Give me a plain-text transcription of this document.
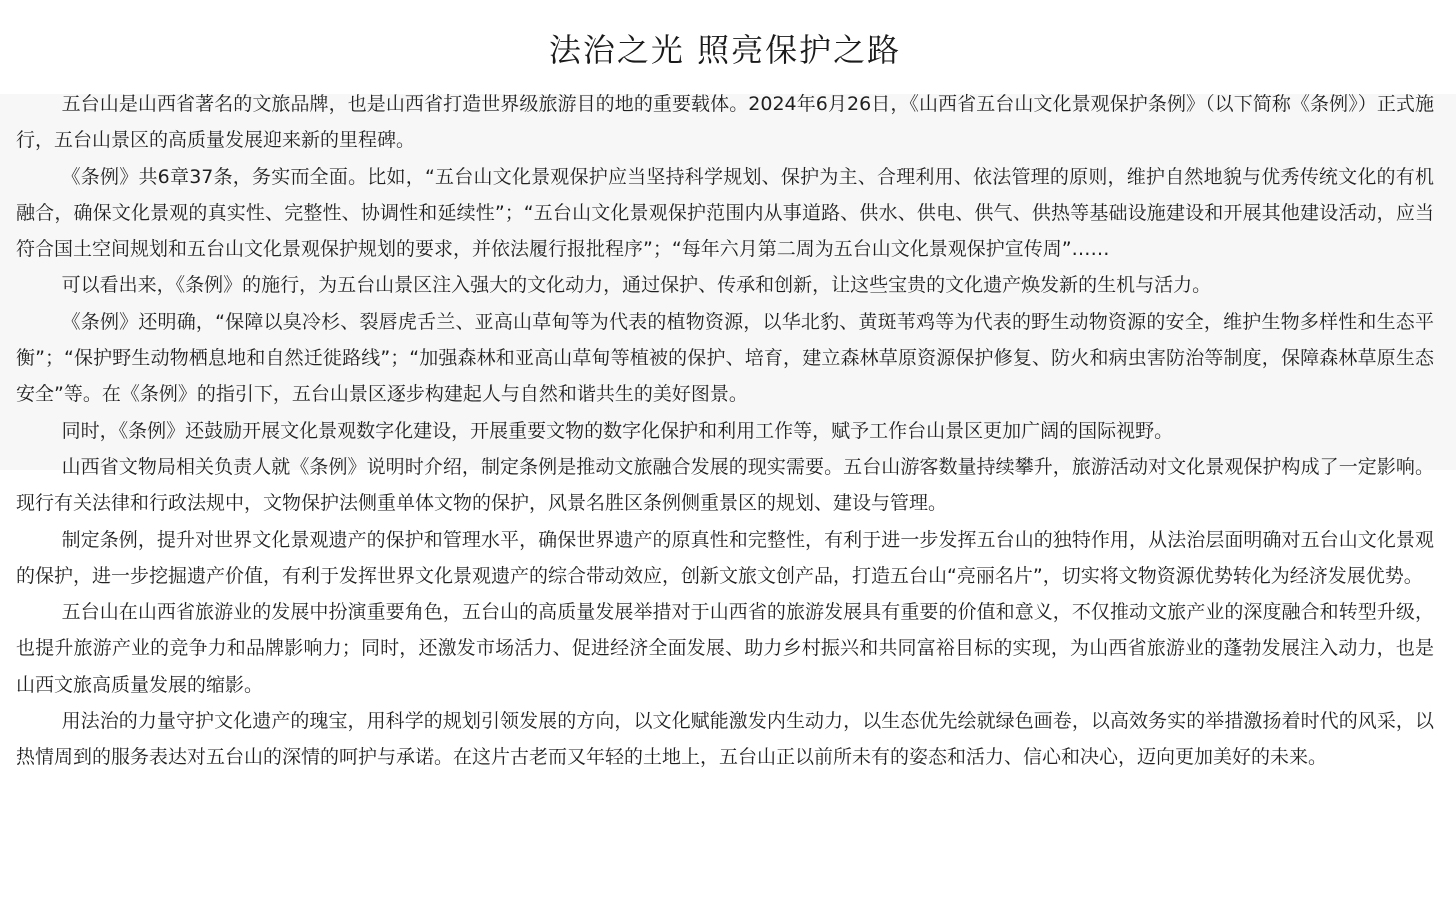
法治之光 照亮保护之路

五台山是山西省著名的文旅品牌，也是山西省打造世界级旅游目的地的重要载体。2024年6月26日，《山西省五台山文化景观保护条例》（以下简称《条例》）正式施行，五台山景区的高质量发展迎来新的里程碑。

《条例》共6章37条，务实而全面。比如，“五台山文化景观保护应当坚持科学规划、保护为主、合理利用、依法管理的原则，维护自然地貌与优秀传统文化的有机融合，确保文化景观的真实性、完整性、协调性和延续性”；“五台山文化景观保护范围内从事道路、供水、供电、供气、供热等基础设施建设和开展其他建设活动，应当符合国土空间规划和五台山文化景观保护规划的要求，并依法履行报批程序”；“每年六月第二周为五台山文化景观保护宣传周”……

可以看出来，《条例》的施行，为五台山景区注入强大的文化动力，通过保护、传承和创新，让这些宝贵的文化遗产焕发新的生机与活力。

《条例》还明确，“保障以臭冷杉、裂唇虎舌兰、亚高山草甸等为代表的植物资源，以华北豹、黄斑苇鸡等为代表的野生动物资源的安全，维护生物多样性和生态平衡”；“保护野生动物栖息地和自然迁徙路线”；“加强森林和亚高山草甸等植被的保护、培育，建立森林草原资源保护修复、防火和病虫害防治等制度，保障森林草原生态安全”等。在《条例》的指引下，五台山景区逐步构建起人与自然和谐共生的美好图景。

同时，《条例》还鼓励开展文化景观数字化建设，开展重要文物的数字化保护和利用工作等，赋予工作台山景区更加广阔的国际视野。

山西省文物局相关负责人就《条例》说明时介绍，制定条例是推动文旅融合发展的现实需要。五台山游客数量持续攀升，旅游活动对文化景观保护构成了一定影响。现行有关法律和行政法规中，文物保护法侧重单体文物的保护，风景名胜区条例侧重景区的规划、建设与管理。

制定条例，提升对世界文化景观遗产的保护和管理水平，确保世界遗产的原真性和完整性，有利于进一步发挥五台山的独特作用，从法治层面明确对五台山文化景观的保护，进一步挖掘遗产价值，有利于发挥世界文化景观遗产的综合带动效应，创新文旅文创产品，打造五台山“亮丽名片”，切实将文物资源优势转化为经济发展优势。

五台山在山西省旅游业的发展中扮演重要角色，五台山的高质量发展举措对于山西省的旅游发展具有重要的价值和意义，不仅推动文旅产业的深度融合和转型升级，也提升旅游产业的竞争力和品牌影响力；同时，还激发市场活力、促进经济全面发展、助力乡村振兴和共同富裕目标的实现，为山西省旅游业的蓬勃发展注入动力，也是山西文旅高质量发展的缩影。

用法治的力量守护文化遗产的瑰宝，用科学的规划引领发展的方向，以文化赋能激发内生动力，以生态优先绘就绿色画卷，以高效务实的举措激扬着时代的风采，以热情周到的服务表达对五台山的深情的呵护与承诺。在这片古老而又年轻的土地上，五台山正以前所未有的姿态和活力、信心和决心，迈向更加美好的未来。
